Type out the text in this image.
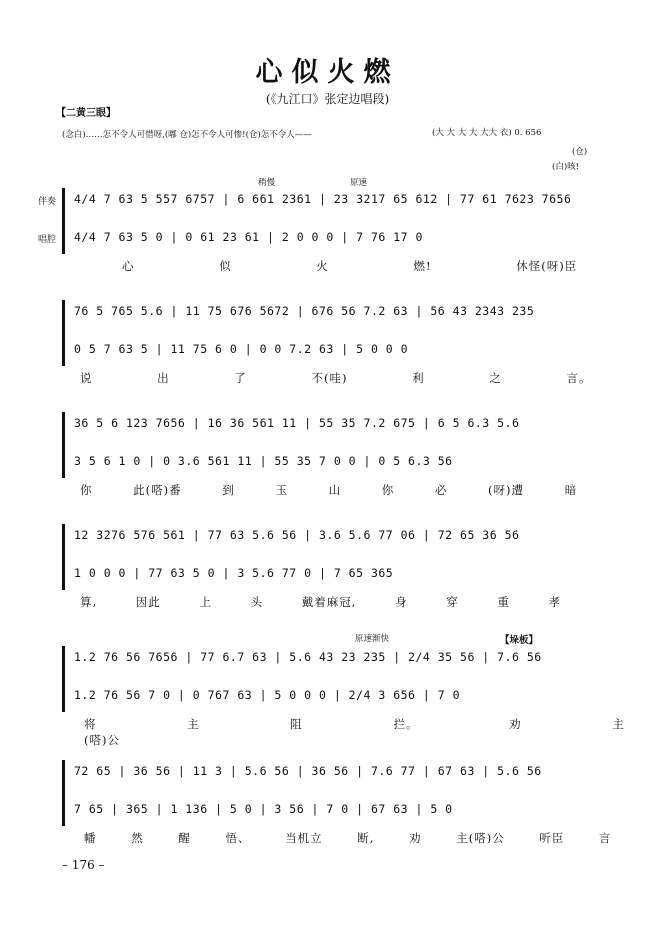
心似火燃
(《九江口》张定边唱段)
【二黄三眼】
(念白)……怎不令人可惜呀,(嘟 仓)怎不令人可惨!(仓)怎不令人——	(大 大 大 大 大大 衣) 0. 656
(仓)
(白)咳!
稍慢	原速
原速渐快	【垛板】
伴奏
唱腔
4/4 7 63 5 557 6757 | 6 661 2361 | 23 3217 65 612 | 77 61 7623 7656
4/4 7 63 5 0 | 0 61 23 61 | 2 0 0 0 | 7 76 17 0
心 似 火 燃! 休怪(呀)臣
76 5 765 5.6 | 11 75 676 5672 | 676 56 7.2 63 | 56 43 2343 235
0 5 7 63 5 | 11 75 6 0 | 0 0 7.2 63 | 5 0 0 0
说 出 了 不(哇) 利 之 言。
36 5 6 123 7656 | 16 36 561 11 | 55 35 7.2 675 | 6 5 6.3 5.6
3 5 6 1 0 | 0 3.6 561 11 | 55 35 7 0 0 | 0 5 6.3 56
你 此(嗒)番 到 玉 山 你 必 (呀)遭 暗
12 3276 576 561 | 77 63 5.6 56 | 3.6 5.6 77 06 | 72 65 36 56
1 0 0 0 | 77 63 5 0 | 3 5.6 77 0 | 7 65 365
算, 因此 上 头 戴着麻冠, 身 穿 重 孝
1.2 76 56 7656 | 77 6.7 63 | 5.6 43 23 235 | 2/4 35 56 | 7.6 56
1.2 76 56 7 0 | 0 767 63 | 5 0 0 0 | 2/4 3 656 | 7 0
将 主 阻 拦。 劝 主(嗒)公
72 65 | 36 56 | 11 3 | 5.6 56 | 36 56 | 7.6 77 | 67 63 | 5.6 56
7 65 | 365 | 1 136 | 5 0 | 3 56 | 7 0 | 67 63 | 5 0
幡 然 醒 悟、 当机立 断, 劝 主(嗒)公 听臣 言
– 176 –
